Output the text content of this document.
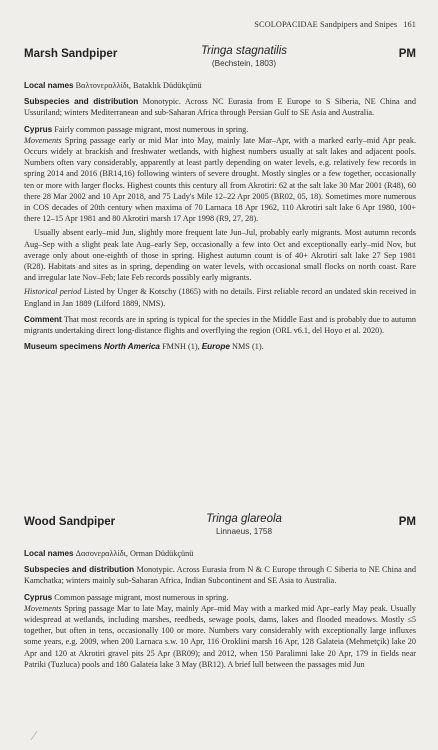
SCOLOPACIDAE Sandpipers and Snipes 161
Marsh Sandpiper	Tringa stagnatilis
(Bechstein, 1803)
PM

Local names Βαλτονεραλλίδι, Bataklık Düdükçünü

Subspecies and distribution Monotypic. Across NC Eurasia from E Europe to S Siberia, NE China and Ussuriland; winters Mediterranean and sub-Saharan Africa through Persian Gulf to SE Asia and Australia.

Cyprus Fairly common passage migrant, most numerous in spring.

Movements Spring passage early or mid Mar into May, mainly late Mar–Apr, with a marked early–mid Apr peak. Occurs widely at brackish and freshwater wetlands, with highest numbers usually at salt lakes and adjacent pools. Numbers often vary considerably, apparently at least partly depending on water levels, e.g. relatively few records in spring 2014 and 2016 (BR14,16) following winters of severe drought. Mostly singles or a few together, occasionally ten or more with larger flocks. Highest counts this century all from Akrotiri: 62 at the salt lake 30 Mar 2001 (R48), 60 there 28 Mar 2002 and 10 Apr 2018, and 75 Lady's Mile 12–22 Apr 2005 (BR02, 05, 18). Sometimes more numerous in COS decades of 20th century when maxima of 70 Larnaca 18 Apr 1962, 110 Akrotiri salt lake 6 Apr 1980, 100+ there 12–15 Apr 1981 and 80 Akrotiri marsh 17 Apr 1998 (R9, 27, 28).

Usually absent early–mid Jun, slightly more frequent late Jun–Jul, probably early migrants. Most autumn records Aug–Sep with a slight peak late Aug–early Sep, occasionally a few into Oct and exceptionally early–mid Nov, but average only about one-eighth of those in spring. Highest autumn count is of 40+ Akrotiri salt lake 27 Sep 1981 (R28). Habitats and sites as in spring, depending on water levels, with occasional small flocks on north coast. Rare and irregular late Nov–Feb; late Feb records possibly early migrants.

Historical period Listed by Unger & Kotschy (1865) with no details. First reliable record an undated skin received in England in Jan 1889 (Lilford 1889, NMS).

Comment That most records are in spring is typical for the species in the Middle East and is probably due to autumn migrants undertaking direct long-distance flights and overflying the region (ORL v6.1, del Hoyo et al. 2020).

Museum specimens North America FMNH (1), Europe NMS (1).

Wood Sandpiper	Tringa glareola
Linnaeus, 1758
PM

Local names Δασονεραλλίδι, Orman Düdükçünü

Subspecies and distribution Monotypic. Across Eurasia from N & C Europe through C Siberia to NE China and Kamchatka; winters mainly sub-Saharan Africa, Indian Subcontinent and SE Asia to Australia.

Cyprus Common passage migrant, most numerous in spring.

Movements Spring passage Mar to late May, mainly Apr–mid May with a marked mid Apr–early May peak. Usually widespread at wetlands, including marshes, reedbeds, sewage pools, dams, lakes and flooded meadows. Mostly ≤5 together, but often in tens, occasionally 100 or more. Numbers vary considerably with exceptionally large influxes some years, e.g. 2009, when 200 Larnaca s.w. 10 Apr, 116 Oroklini marsh 16 Apr, 128 Galateia (Mehmetçik) lake 20 Apr and 120 at Akrotiri gravel pits 25 Apr (BR09); and 2012, when 150 Paralimni lake 20 Apr, 179 in fields near Patriki (Tuzluca) pools and 180 Galateia lake 3 May (BR12). A brief lull between the passages mid Jun
